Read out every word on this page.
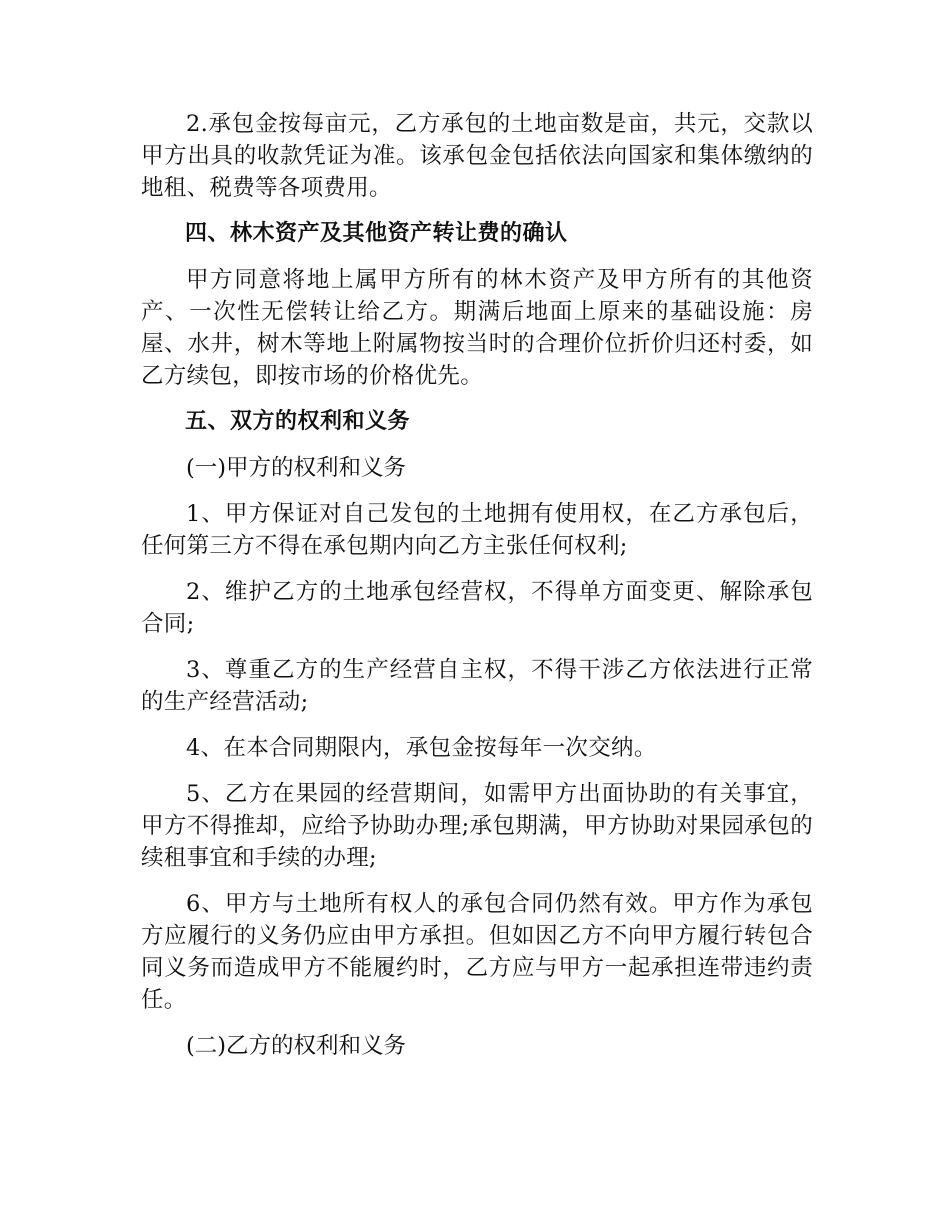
2.承包金按每亩元，乙方承包的土地亩数是亩，共元，交款以甲方出具的收款凭证为准。该承包金包括依法向国家和集体缴纳的地租、税费等各项费用。

四、林木资产及其他资产转让费的确认

甲方同意将地上属甲方所有的林木资产及甲方所有的其他资产、一次性无偿转让给乙方。期满后地面上原来的基础设施：房屋、水井，树木等地上附属物按当时的合理价位折价归还村委，如乙方续包，即按市场的价格优先。

五、双方的权利和义务

(一)甲方的权利和义务

1、甲方保证对自己发包的土地拥有使用权，在乙方承包后，任何第三方不得在承包期内向乙方主张任何权利;

2、维护乙方的土地承包经营权，不得单方面变更、解除承包合同;

3、尊重乙方的生产经营自主权，不得干涉乙方依法进行正常的生产经营活动;

4、在本合同期限内，承包金按每年一次交纳。

5、乙方在果园的经营期间，如需甲方出面协助的有关事宜，甲方不得推却，应给予协助办理;承包期满，甲方协助对果园承包的续租事宜和手续的办理;

6、甲方与土地所有权人的承包合同仍然有效。甲方作为承包方应履行的义务仍应由甲方承担。但如因乙方不向甲方履行转包合同义务而造成甲方不能履约时，乙方应与甲方一起承担连带违约责任。

(二)乙方的权利和义务
